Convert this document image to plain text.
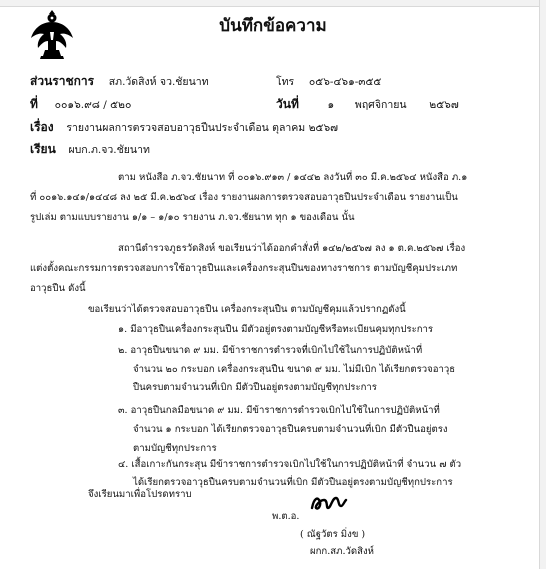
บันทึกข้อความ
ส่วนราชการ สภ.วัดสิงห์ จว.ชัยนาท	โทร ๐๕๖-๔๖๑-๓๕๕
ที่ ๐๐๑๖.๙๘ / ๕๒๐	วันที่	๑ พฤศจิกายน ๒๕๖๗
เรื่อง รายงานผลการตรวจสอบอาวุธปืนประจำเดือน ตุลาคม ๒๕๖๗
เรียน ผบก.ภ.จว.ชัยนาท
ตาม หนังสือ ภ.จว.ชัยนาท ที่ ๐๐๑๖.๙๑๓ / ๑๔๔๒ ลงวันที่ ๓๐ มี.ค.๒๕๖๔ หนังสือ ภ.๑
ที่ ๐๐๑๖.๑๔๑/๑๔๔๘ ลง ๒๕ มี.ค.๒๕๖๔ เรื่อง รายงานผลการตรวจสอบอาวุธปืนประจำเดือน รายงานเป็น
รูปเล่ม ตามแบบรายงาน ๑/๑ – ๑/๑๐ รายงาน ภ.จว.ชัยนาท ทุก ๑ ของเดือน นั้น
สถานีตำรวจภูธรวัดสิงห์ ขอเรียนว่าได้ออกคำสั่งที่ ๑๔๒/๒๕๖๗ ลง ๑ ต.ค.๒๕๖๗ เรื่อง
แต่งตั้งคณะกรรมการตรวจสอบการใช้อาวุธปืนและเครื่องกระสุนปืนของทางราชการ ตามบัญชีคุมประเภท
อาวุธปืน ดังนี้
ขอเรียนว่าได้ตรวจสอบอาวุธปืน เครื่องกระสุนปืน ตามบัญชีคุมแล้วปรากฏดังนี้
๑. มีอาวุธปืนเครื่องกระสุนปืน มีตัวอยู่ตรงตามบัญชีหรือทะเบียนคุมทุกประการ
๒. อาวุธปืนขนาด ๙ มม. มีข้าราชการตำรวจที่เบิกไปใช้ในการปฏิบัติหน้าที่
จำนวน ๒๐ กระบอก เครื่องกระสุนปืน ขนาด ๙ มม. ไม่มีเบิก ได้เรียกตรวจอาวุธ
ปืนครบตามจำนวนที่เบิก มีตัวปืนอยู่ตรงตามบัญชีทุกประการ
๓. อาวุธปืนกลมือขนาด ๙ มม. มีข้าราชการตำรวจเบิกไปใช้ในการปฏิบัติหน้าที่
จำนวน ๑ กระบอก ได้เรียกตรวจอาวุธปืนครบตามจำนวนที่เบิก มีตัวปืนอยู่ตรง
ตามบัญชีทุกประการ
๔. เสื้อเกาะกันกระสุน มีข้าราชการตำรวจเบิกไปใช้ในการปฏิบัติหน้าที่ จำนวน ๗ ตัว
ได้เรียกตรวจอาวุธปืนครบตามจำนวนที่เบิก มีตัวปืนอยู่ตรงตามบัญชีทุกประการ
จึงเรียนมาเพื่อโปรดทราบ
พ.ต.อ.
( ณัฐวัตร มิ่งข )
ผกก.สภ.วัดสิงห์
